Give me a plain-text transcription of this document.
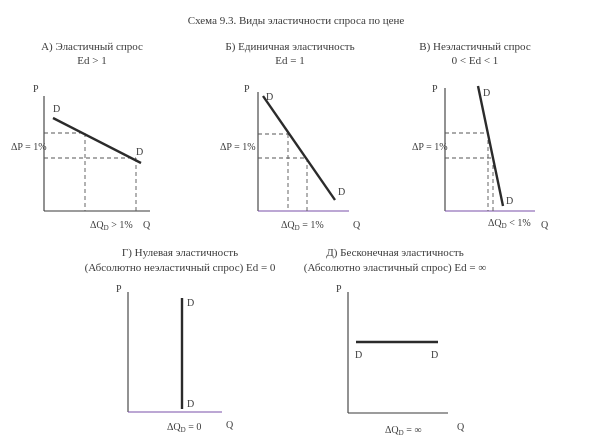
Схема 9.3. Виды эластичности спроса по цене
А) Эластичный спрос
Ed > 1
P
Q
D
D
ΔP = 1%
$\Delta Q_D > 1\%$
Б) Единичная эластичность
Ed = 1
P
Q
D
D
ΔP = 1%
$\Delta Q_D = 1\%$
В) Неэластичный спрос
0 < Ed < 1
P
Q
D
D
ΔP = 1%
$\Delta Q_D < 1\%$
Г) Нулевая эластичность
(Абсолютно неэластичный спрос) Ed = 0
P
Q
D
D
$\Delta Q_D = 0$
Д) Бесконечная эластичность
(Абсолютно эластичный спрос) Ed = ∞
P
Q
D	D
$\Delta Q_D$ = ∞
